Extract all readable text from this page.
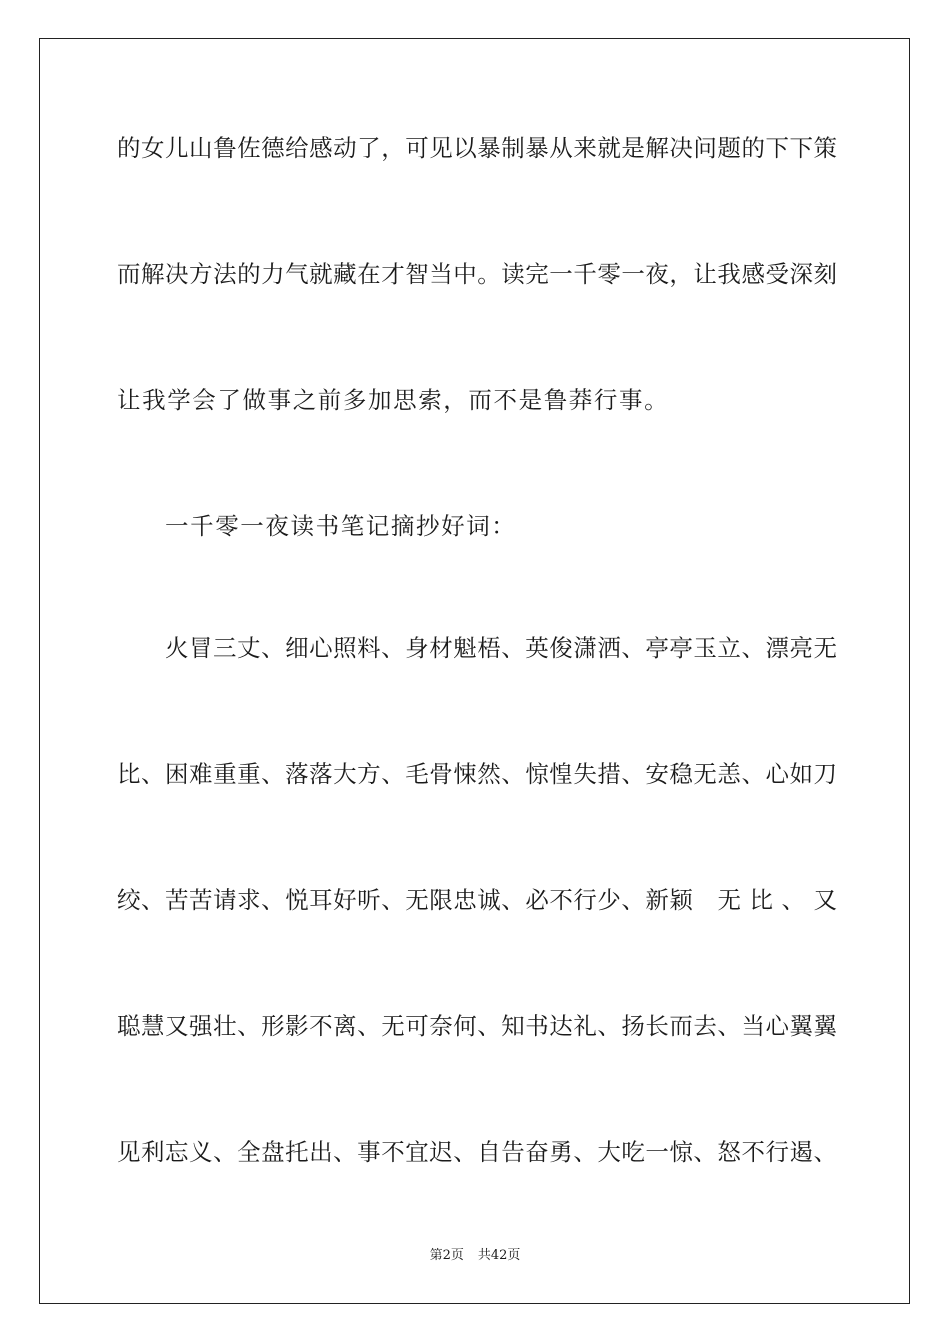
的女儿山鲁佐德给感动了，可见以暴制暴从来就是解决问题的下下策
而解决方法的力气就藏在才智当中。读完一千零一夜，让我感受深刻
让我学会了做事之前多加思索，而不是鲁莽行事。
一千零一夜读书笔记摘抄好词：
火冒三丈、细心照料、身材魁梧、英俊潇洒、亭亭玉立、漂亮无
比、困难重重、落落大方、毛骨悚然、惊惶失措、安稳无恙、心如刀
绞、苦苦请求、悦耳好听、无限忠诚、必不行少、新颖　无 比 、 又
聪慧又强壮、形影不离、无可奈何、知书达礼、扬长而去、当心翼翼
见利忘义、全盘托出、事不宜迟、自告奋勇、大吃一惊、怒不行遏、
第2页 共42页
